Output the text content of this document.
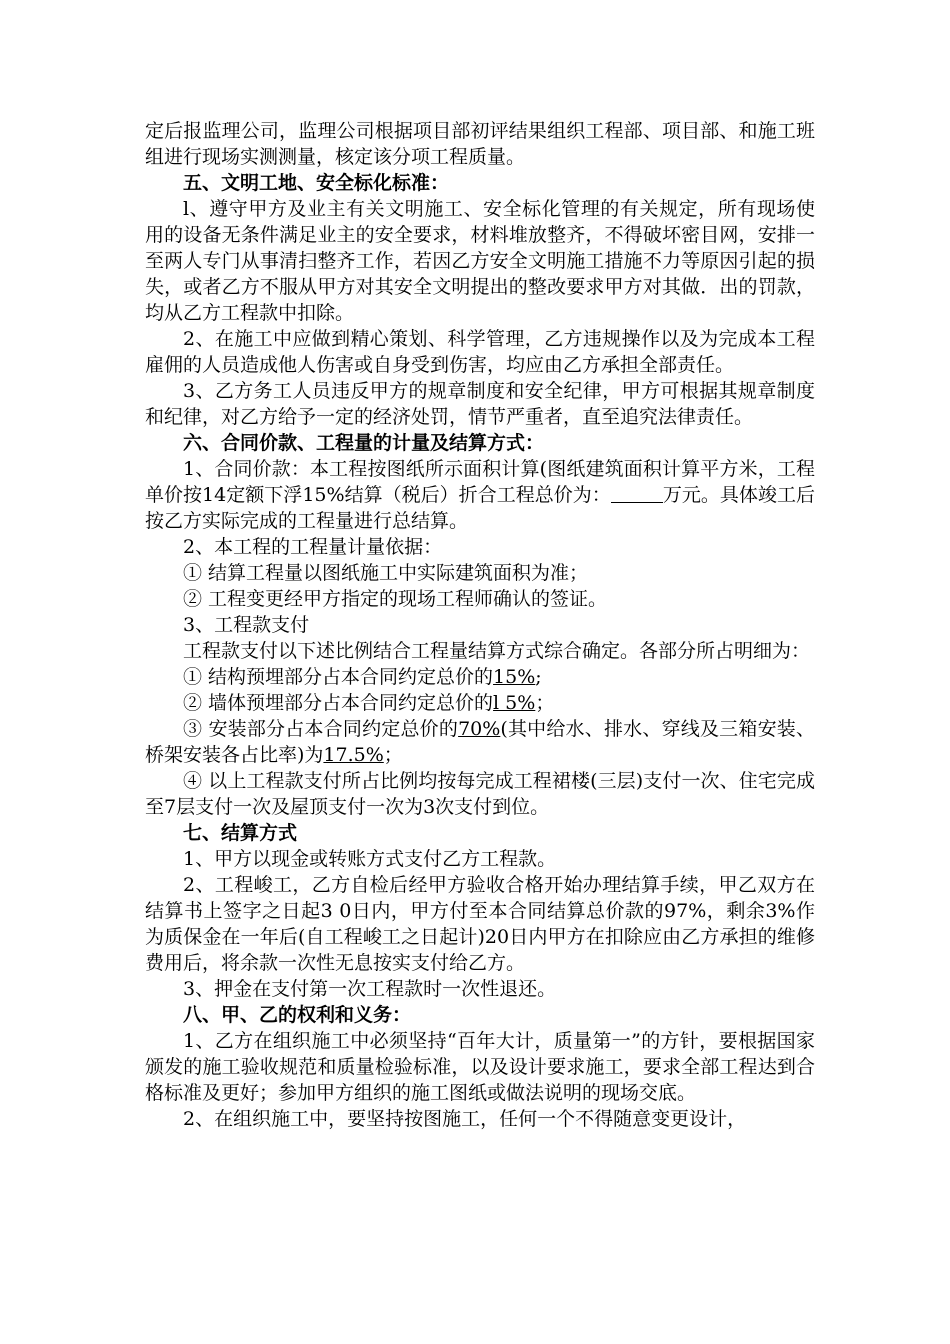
定后报监理公司，监理公司根据项目部初评结果组织工程部、项目部、和施工班组进行现场实测测量，核定该分项工程质量。

五、文明工地、安全标化标准：

l、遵守甲方及业主有关文明施工、安全标化管理的有关规定，所有现场使用的设备无条件满足业主的安全要求，材料堆放整齐，不得破坏密目网，安排一至两人专门从事清扫整齐工作，若因乙方安全文明施工措施不力等原因引起的损失，或者乙方不服从甲方对其安全文明提出的整改要求甲方对其做．出的罚款，均从乙方工程款中扣除。

2、在施工中应做到精心策划、科学管理，乙方违规操作以及为完成本工程雇佣的人员造成他人伤害或自身受到伤害，均应由乙方承担全部责任。

3、乙方务工人员违反甲方的规章制度和安全纪律，甲方可根据其规章制度和纪律，对乙方给予一定的经济处罚，情节严重者，直至追究法律责任。

六、合同价款、工程量的计量及结算方式：

1、合同价款：本工程按图纸所示面积计算(图纸建筑面积计算平方米，工程单价按14定额下浮15%结算（税后）折合工程总价为：	万元。具体竣工后按乙方实际完成的工程量进行总结算。

2、本工程的工程量计量依据：

① 结算工程量以图纸施工中实际建筑面积为准；

② 工程变更经甲方指定的现场工程师确认的签证。

3、工程款支付

工程款支付以下述比例结合工程量结算方式综合确定。各部分所占明细为：

① 结构预埋部分占本合同约定总价的15%;

② 墙体预埋部分占本合同约定总价的l 5%；

③ 安装部分占本合同约定总价的70%(其中给水、排水、穿线及三箱安装、桥架安装各占比率)为17.5%；

④ 以上工程款支付所占比例均按每完成工程裙楼(三层)支付一次、住宅完成至7层支付一次及屋顶支付一次为3次支付到位。

七、结算方式

1、甲方以现金或转账方式支付乙方工程款。

2、工程峻工，乙方自检后经甲方验收合格开始办理结算手续，甲乙双方在结算书上签字之日起3 0日内，甲方付至本合同结算总价款的97%，剩余3%作为质保金在一年后(自工程峻工之日起计)20日内甲方在扣除应由乙方承担的维修费用后，将余款一次性无息按实支付给乙方。

3、押金在支付第一次工程款时一次性退还。

八、甲、乙的权利和义务：

1、乙方在组织施工中必须坚持“百年大计，质量第一”的方针，要根据国家颁发的施工验收规范和质量检验标准，以及设计要求施工，要求全部工程达到合格标准及更好；参加甲方组织的施工图纸或做法说明的现场交底。

2、在组织施工中，要坚持按图施工，任何一个不得随意变更设计，
